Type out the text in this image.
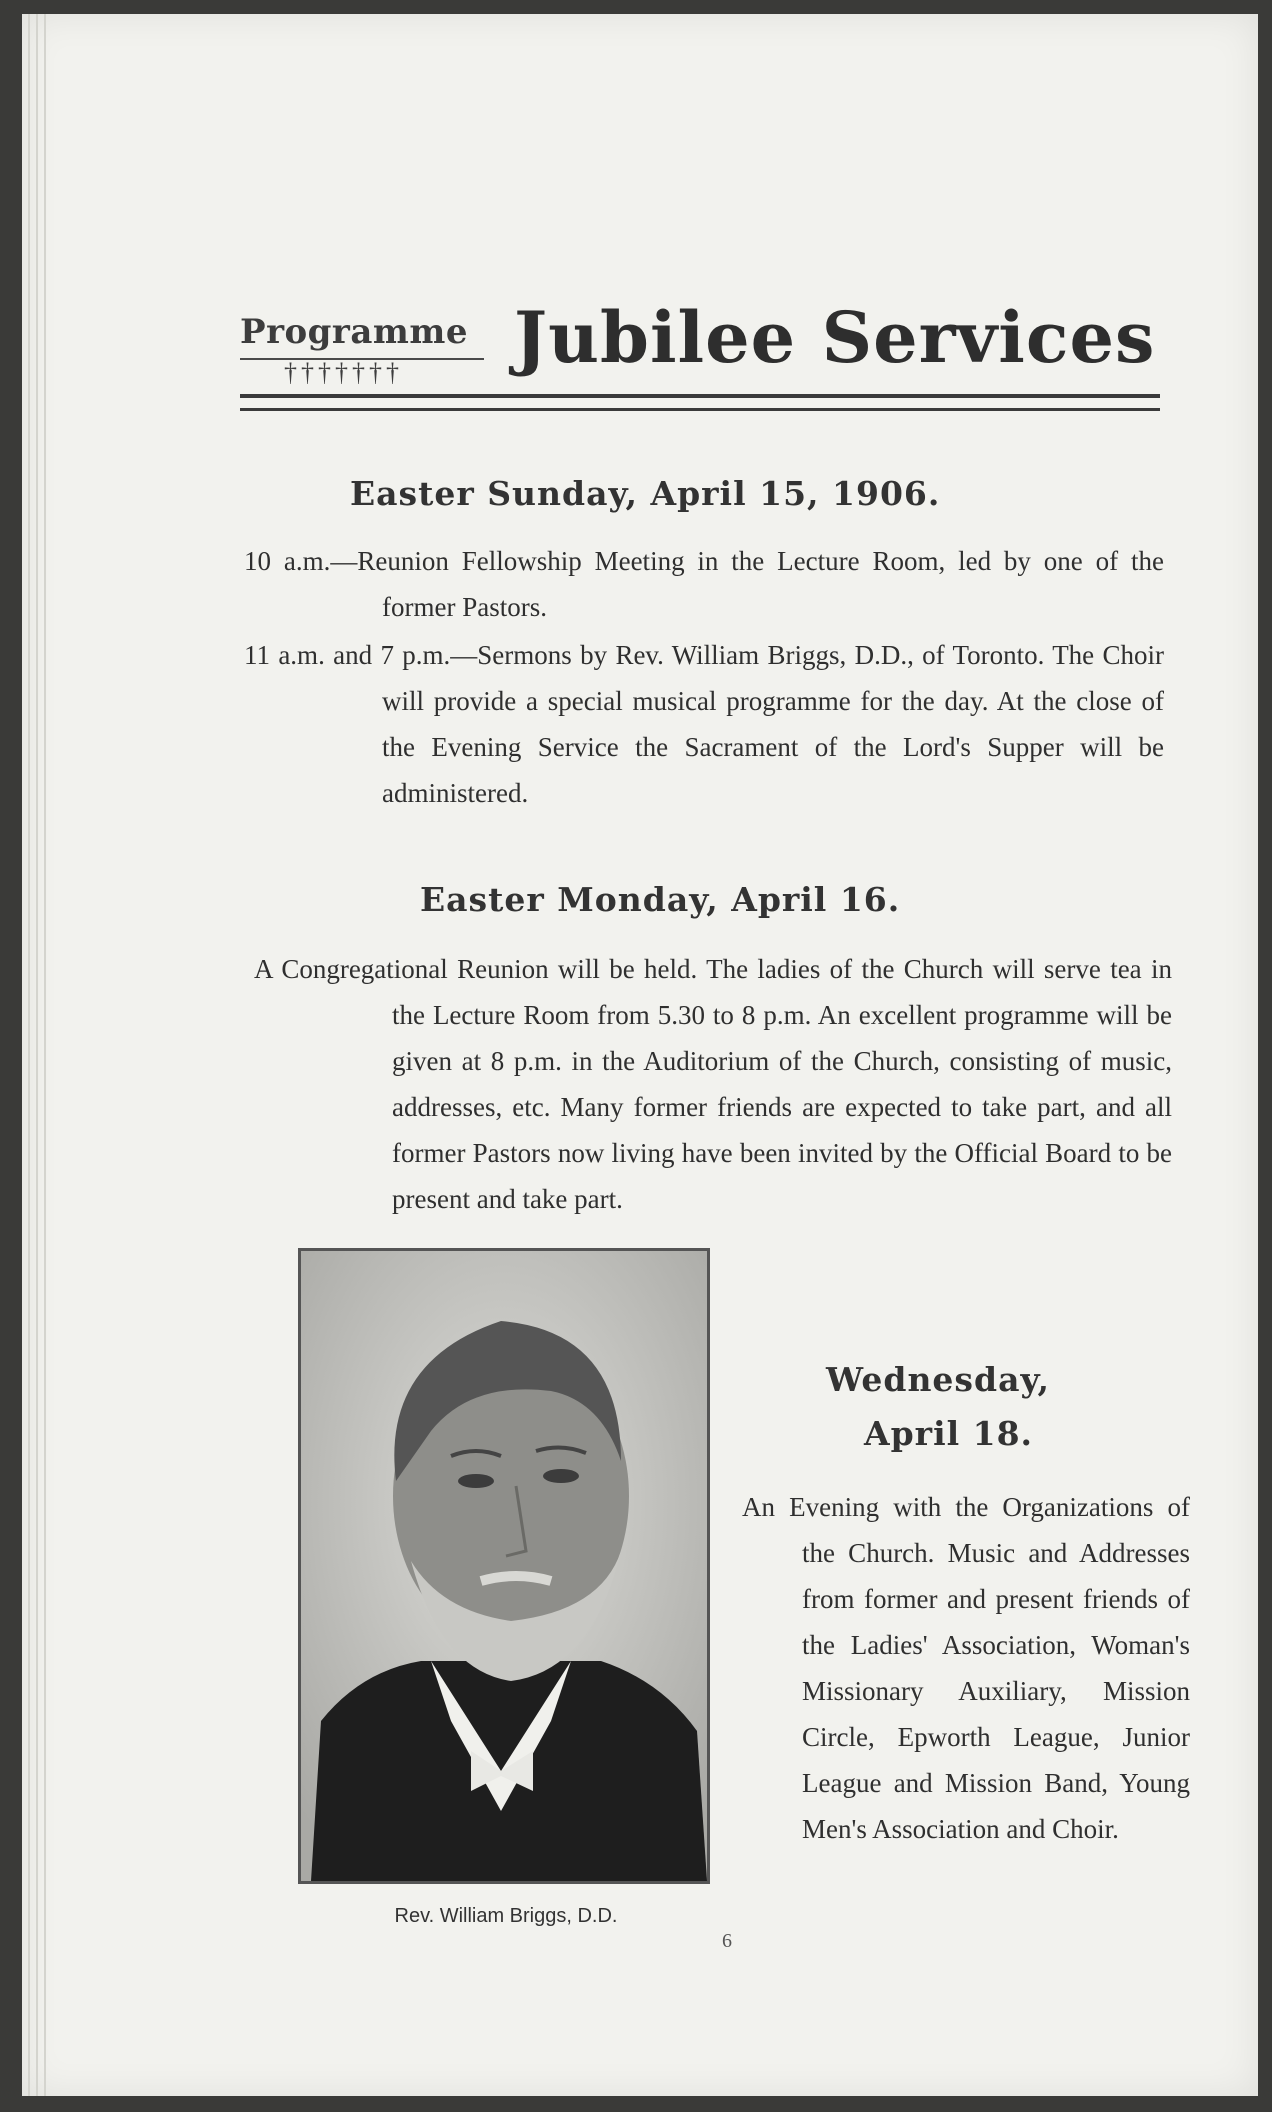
Programme
††††††† Jubilee Services
Easter Sunday, April 15, 1906.
10 a.m.—Reunion Fellowship Meeting in the Lecture Room, led by one of the former Pastors.
11 a.m. and 7 p.m.—Sermons by Rev. William Briggs, D.D., of Toronto. The Choir will provide a special musical programme for the day. At the close of the Evening Service the Sacrament of the Lord's Supper will be administered.
Easter Monday, April 16.
A Congregational Reunion will be held. The ladies of the Church will serve tea in the Lecture Room from 5.30 to 8 p.m. An excellent programme will be given at 8 p.m. in the Auditorium of the Church, consisting of music, addresses, etc. Many former friends are expected to take part, and all former Pastors now living have been invited by the Official Board to be present and take part.
Wednesday,
April 18.
An Evening with the Organizations of the Church. Music and Addresses from former and present friends of the Ladies' Association, Woman's Missionary Auxiliary, Mission Circle, Epworth League, Junior League and Mission Band, Young Men's Association and Choir.
Rev. William Briggs, D.D.
6
